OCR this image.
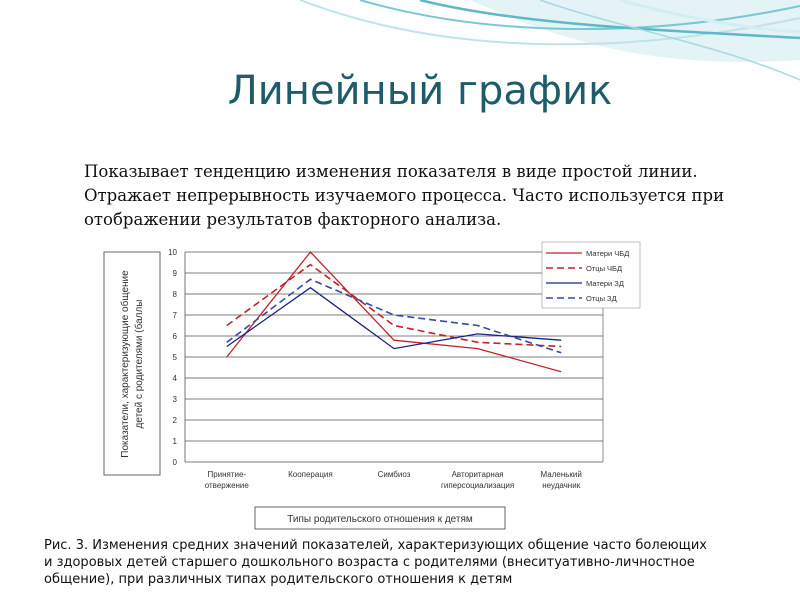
Линейный график
Показывает тенденцию изменения показателя в виде простой линии.
Отражает непрерывность изучаемого процесса. Часто используется при
отображении результатов факторного анализа.
Показатели, характеризующие общение детей с родителями (баллы
0
1
2
3
4
5
6
7
8
9
10
Принятие-
отвержение
Кооперация	Симбиоз	Авторитарная
гиперсоциализация
Маленький
неудачник
Матери ЧБД
Отцы ЧБД
Матери ЗД
Отцы ЗД
Типы родительского отношения к детям
Рис. 3. Изменения средних значений показателей, характеризующих общение часто болеющих
и здоровых детей старшего дошкольного возраста с родителями (внеситуативно-личностное
общение), при различных типах родительского отношения к детям
